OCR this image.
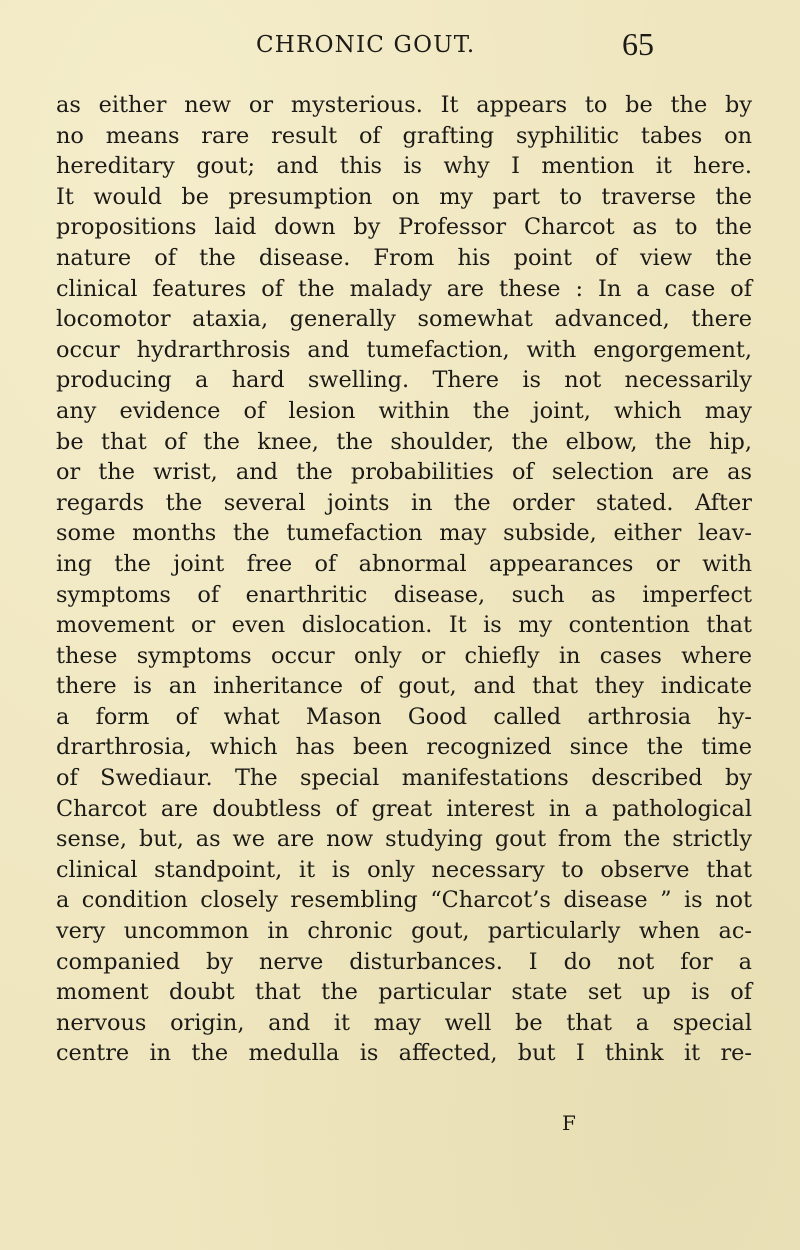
CHRONIC GOUT.	65
as either new or mysterious. It appears to be the by
no means rare result of grafting syphilitic tabes on
hereditary gout; and this is why I mention it here.
It would be presumption on my part to traverse the
propositions laid down by Professor Charcot as to the
nature of the disease. From his point of view the
clinical features of the malady are these : In a case of
locomotor ataxia, generally somewhat advanced, there
occur hydrarthrosis and tumefaction, with engorgement,
producing a hard swelling. There is not necessarily
any evidence of lesion within the joint, which may
be that of the knee, the shoulder, the elbow, the hip,
or the wrist, and the probabilities of selection are as
regards the several joints in the order stated. After
some months the tumefaction may subside, either leav-
ing the joint free of abnormal appearances or with
symptoms of enarthritic disease, such as imperfect
movement or even dislocation. It is my contention that
these symptoms occur only or chiefly in cases where
there is an inheritance of gout, and that they indicate
a form of what Mason Good called arthrosia hy-
drarthrosia, which has been recognized since the time
of Swediaur. The special manifestations described by
Charcot are doubtless of great interest in a pathological
sense, but, as we are now studying gout from the strictly
clinical standpoint, it is only necessary to observe that
a condition closely resembling “Charcot’s disease ” is not
very uncommon in chronic gout, particularly when ac-
companied by nerve disturbances. I do not for a
moment doubt that the particular state set up is of
nervous origin, and it may well be that a special
centre in the medulla is affected, but I think it re-
F
